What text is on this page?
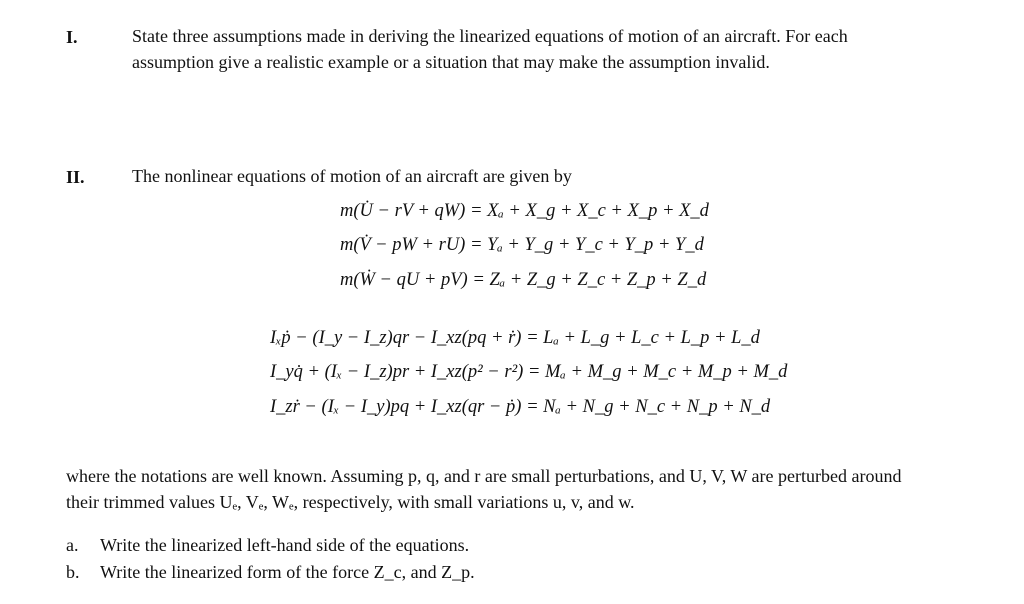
I.	State three assumptions made in deriving the linearized equations of motion of an aircraft. For each
assumption give a realistic example or a situation that may make the assumption invalid.
II.	The nonlinear equations of motion of an aircraft are given by
m(U̇ − rV + qW) = Xₐ + X_g + X_c + X_p + X_d
m(V̇ − pW + rU) = Yₐ + Y_g + Y_c + Y_p + Y_d
m(Ẇ − qU + pV) = Zₐ + Z_g + Z_c + Z_p + Z_d
Iₓṗ − (I_y − I_z)qr − I_xz(pq + ṙ) = Lₐ + L_g + L_c + L_p + L_d
I_yq̇ + (Iₓ − I_z)pr + I_xz(p² − r²) = Mₐ + M_g + M_c + M_p + M_d
I_zṙ − (Iₓ − I_y)pq + I_xz(qr − ṗ) = Nₐ + N_g + N_c + N_p + N_d
where the notations are well known. Assuming p, q, and r are small perturbations, and U, V, W are perturbed around
their trimmed values Uₑ, Vₑ, Wₑ, respectively, with small variations u, v, and w.
a. Write the linearized left-hand side of the equations.
b. Write the linearized form of the force Z_c, and Z_p.
